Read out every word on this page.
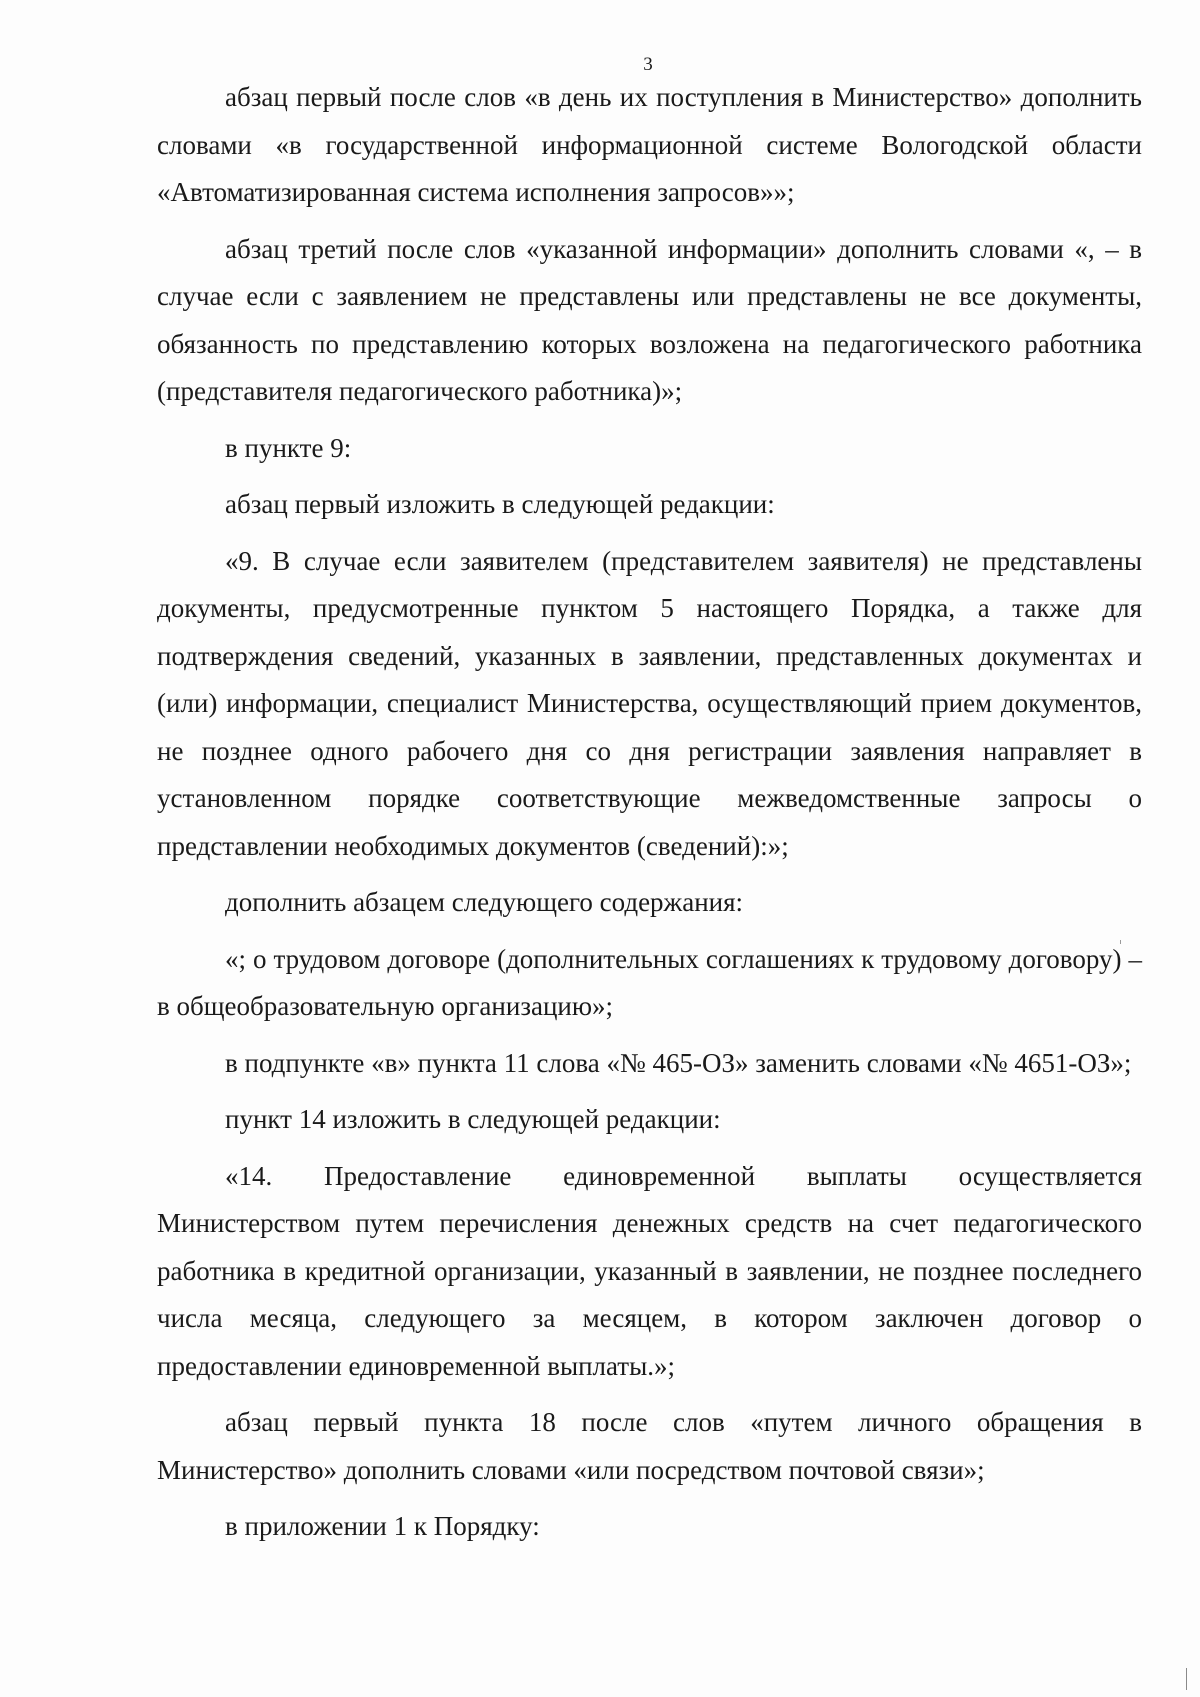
3

абзац первый после слов «в день их поступления в Министерство» дополнить словами «в государственной информационной системе Вологодской области «Автоматизированная система исполнения запросов»»;

абзац третий после слов «указанной информации» дополнить словами «, – в случае если с заявлением не представлены или представлены не все документы, обязанность по представлению которых возложена на педагогического работника (представителя педагогического работника)»;

в пункте 9:

абзац первый изложить в следующей редакции:

«9. В случае если заявителем (представителем заявителя) не представлены документы, предусмотренные пунктом 5 настоящего Порядка, а также для подтверждения сведений, указанных в заявлении, представленных документах и (или) информации, специалист Министерства, осуществляющий прием документов, не позднее одного рабочего дня со дня регистрации заявления направляет в установленном порядке соответствующие межведомственные запросы о представлении необходимых документов (сведений):»;

дополнить абзацем следующего содержания:

«; о трудовом договоре (дополнительных соглашениях к трудовому договору) – в общеобразовательную организацию»;

в подпункте «в» пункта 11 слова «№ 465-ОЗ» заменить словами «№ 4651-ОЗ»;

пункт 14 изложить в следующей редакции:

«14. Предоставление единовременной выплаты осуществляется Министерством путем перечисления денежных средств на счет педагогического работника в кредитной организации, указанный в заявлении, не позднее последнего числа месяца, следующего за месяцем, в котором заключен договор о предоставлении единовременной выплаты.»;

абзац первый пункта 18 после слов «путем личного обращения в Министерство» дополнить словами «или посредством почтовой связи»;

в приложении 1 к Порядку:
